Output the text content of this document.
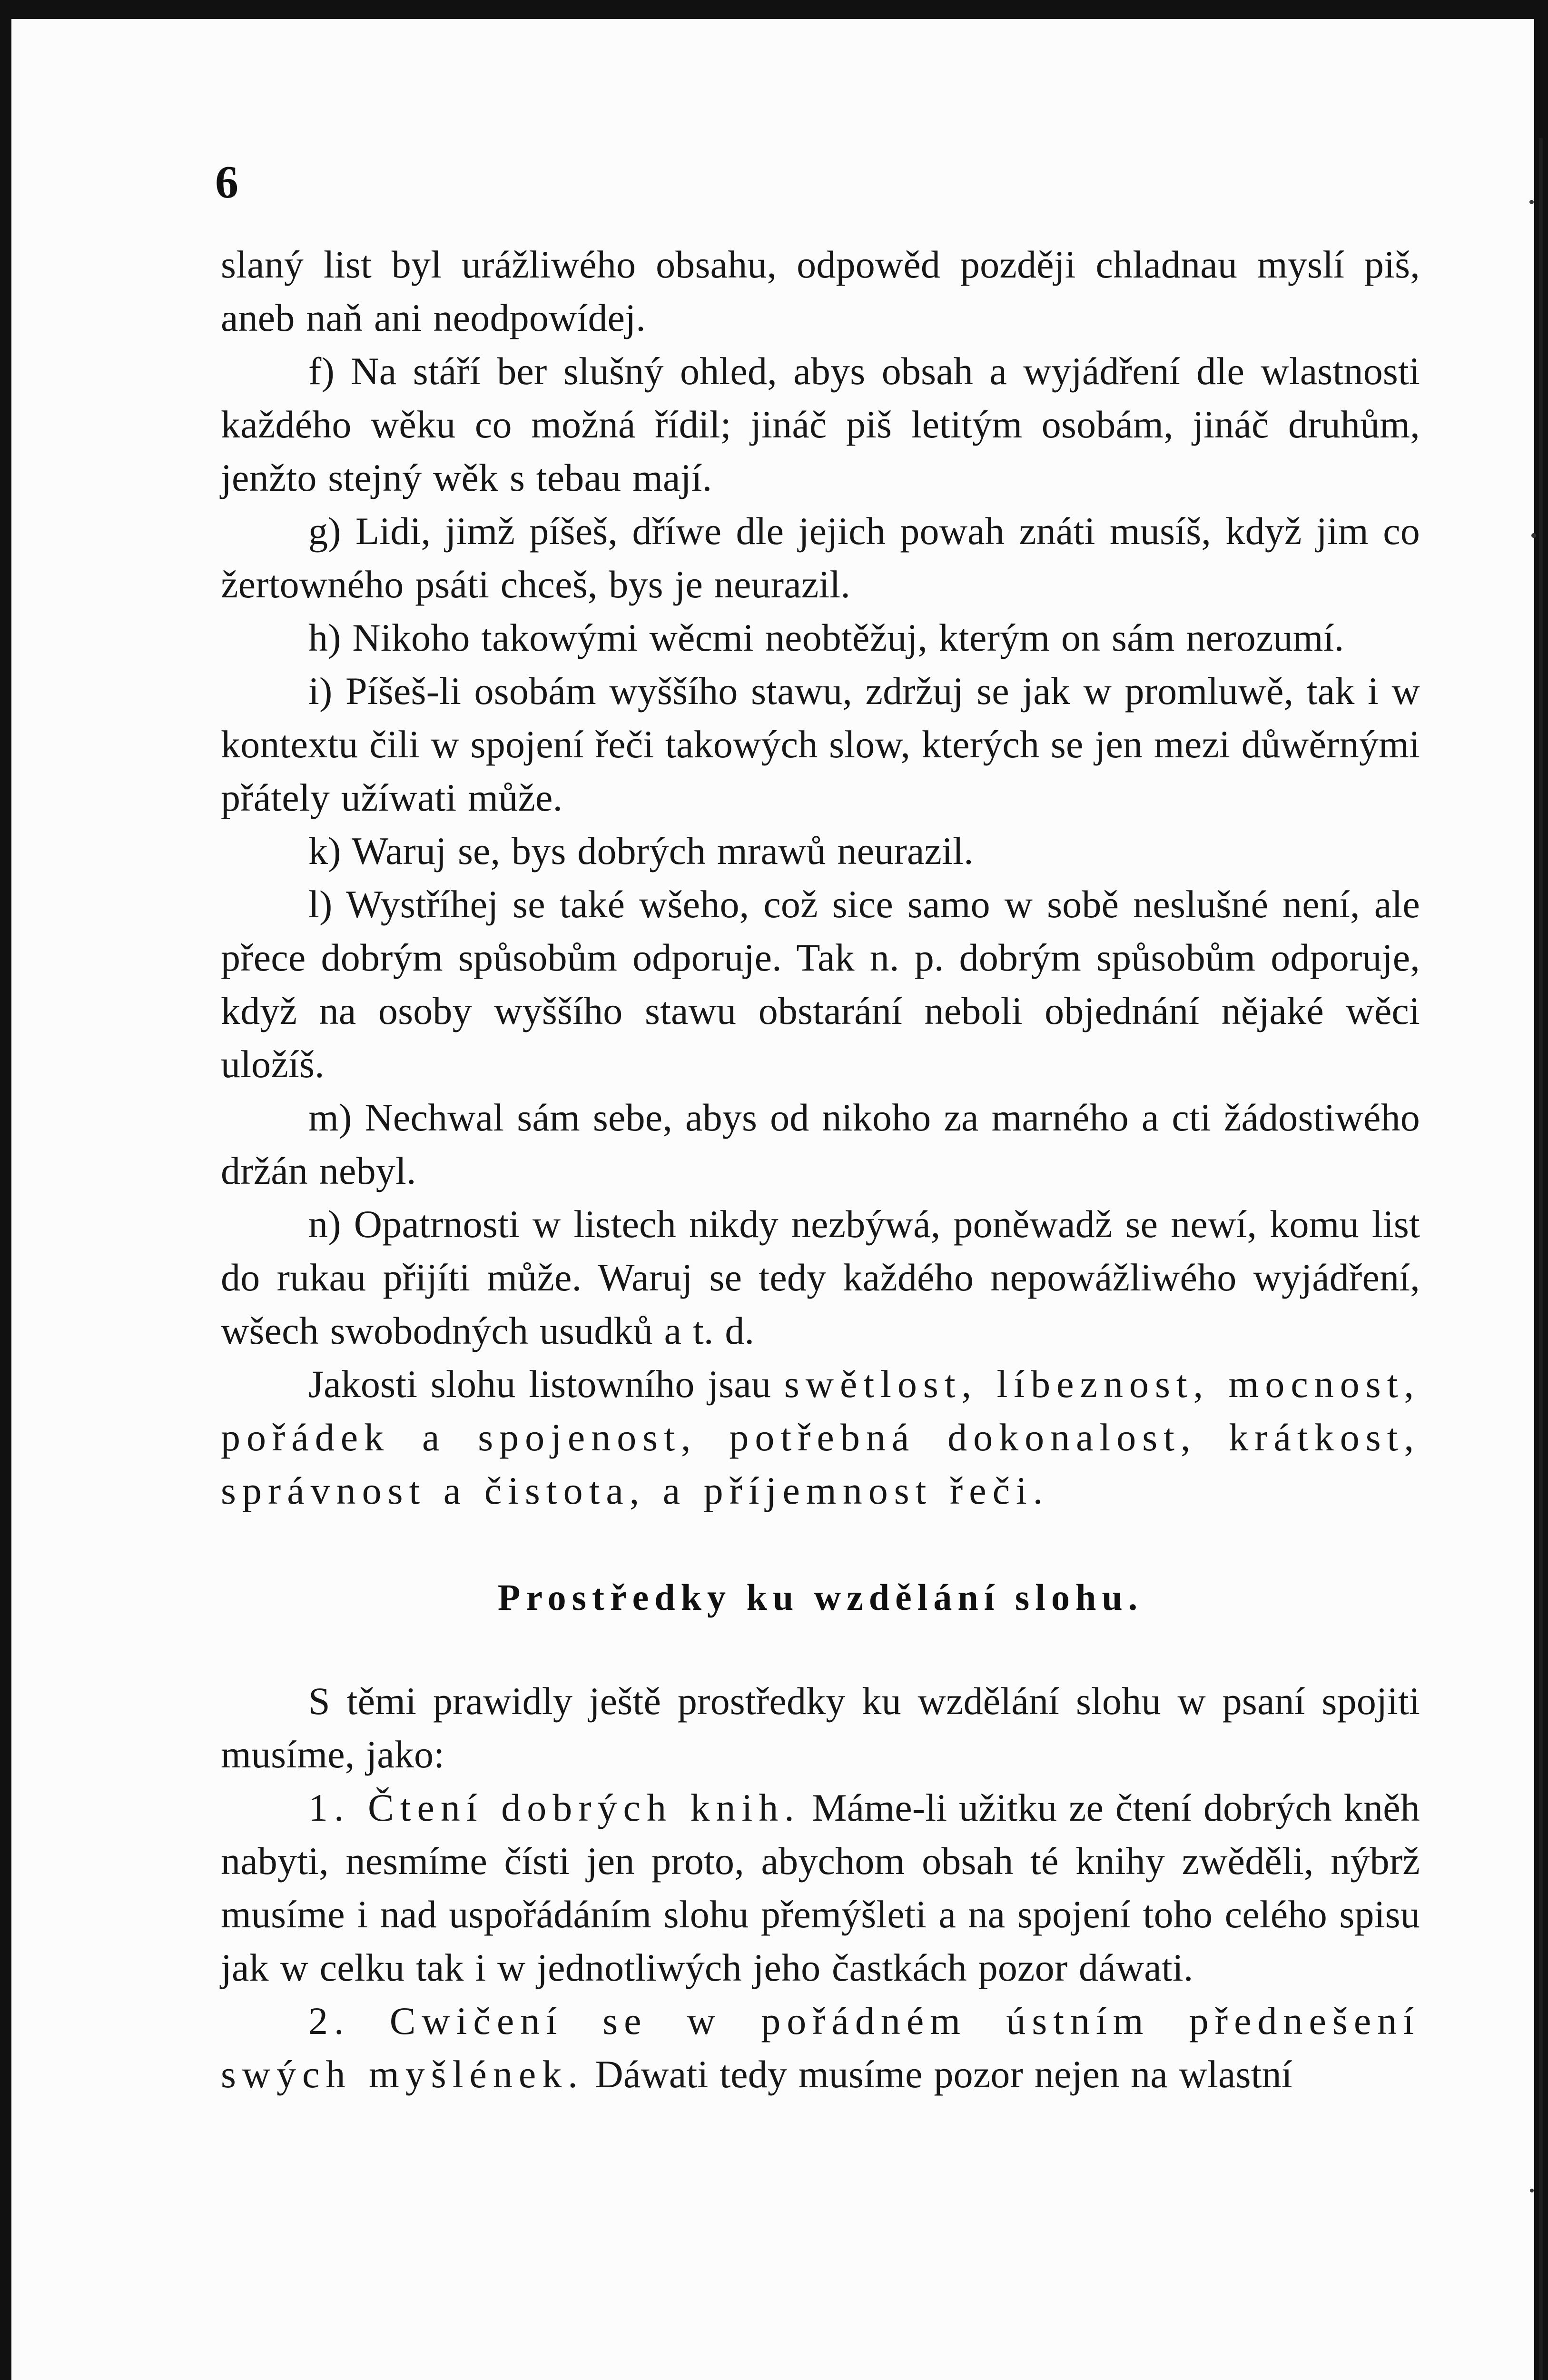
6

slaný list byl urážliwého obsahu, odpowěd později chladnau myslí piš, aneb naň ani neodpowídej.

f) Na stáří ber slušný ohled, abys obsah a wyjádření dle wlastnosti každého wěku co možná řídil; jináč piš letitým osobám, jináč druhům, jenžto stejný wěk s tebau mají.

g) Lidi, jimž píšeš, dříwe dle jejich powah znáti musíš, když jim co žertowného psáti chceš, bys je neurazil.

h) Nikoho takowými wěcmi neobtěžuj, kterým on sám nerozumí.

i) Píšeš-li osobám wyššího stawu, zdržuj se jak w promluwě, tak i w kontextu čili w spojení řeči takowých slow, kterých se jen mezi důwěrnými přátely užíwati může.

k) Waruj se, bys dobrých mrawů neurazil.

l) Wystříhej se také wšeho, což sice samo w sobě neslušné není, ale přece dobrým spůsobům odporuje. Tak n. p. dobrým spůsobům odporuje, když na osoby wyššího stawu obstarání neboli objednání nějaké wěci uložíš.

m) Nechwal sám sebe, abys od nikoho za marného a cti žádostiwého držán nebyl.

n) Opatrnosti w listech nikdy nezbýwá, poněwadž se newí, komu list do rukau přijíti může. Waruj se tedy každého nepowážliwého wyjádření, wšech swobodných usudků a t. d.

Jakosti slohu listowního jsau swětlost, líbeznost, mocnost, pořádek a spojenost, potřebná dokonalost, krátkost, správnost a čistota, a příjemnost řeči.

Prostředky ku wzdělání slohu.

S těmi prawidly ještě prostředky ku wzdělání slohu w psaní spojiti musíme, jako:

1. Čtení dobrých knih. Máme-li užitku ze čtení dobrých kněh nabyti, nesmíme čísti jen proto, abychom obsah té knihy zwěděli, nýbrž musíme i nad uspořádáním slohu přemýšleti a na spojení toho celého spisu jak w celku tak i w jednotliwých jeho častkách pozor dáwati.

2. Cwičení se w pořádném ústním přednešení swých myšlének. Dáwati tedy musíme pozor nejen na wlastní
